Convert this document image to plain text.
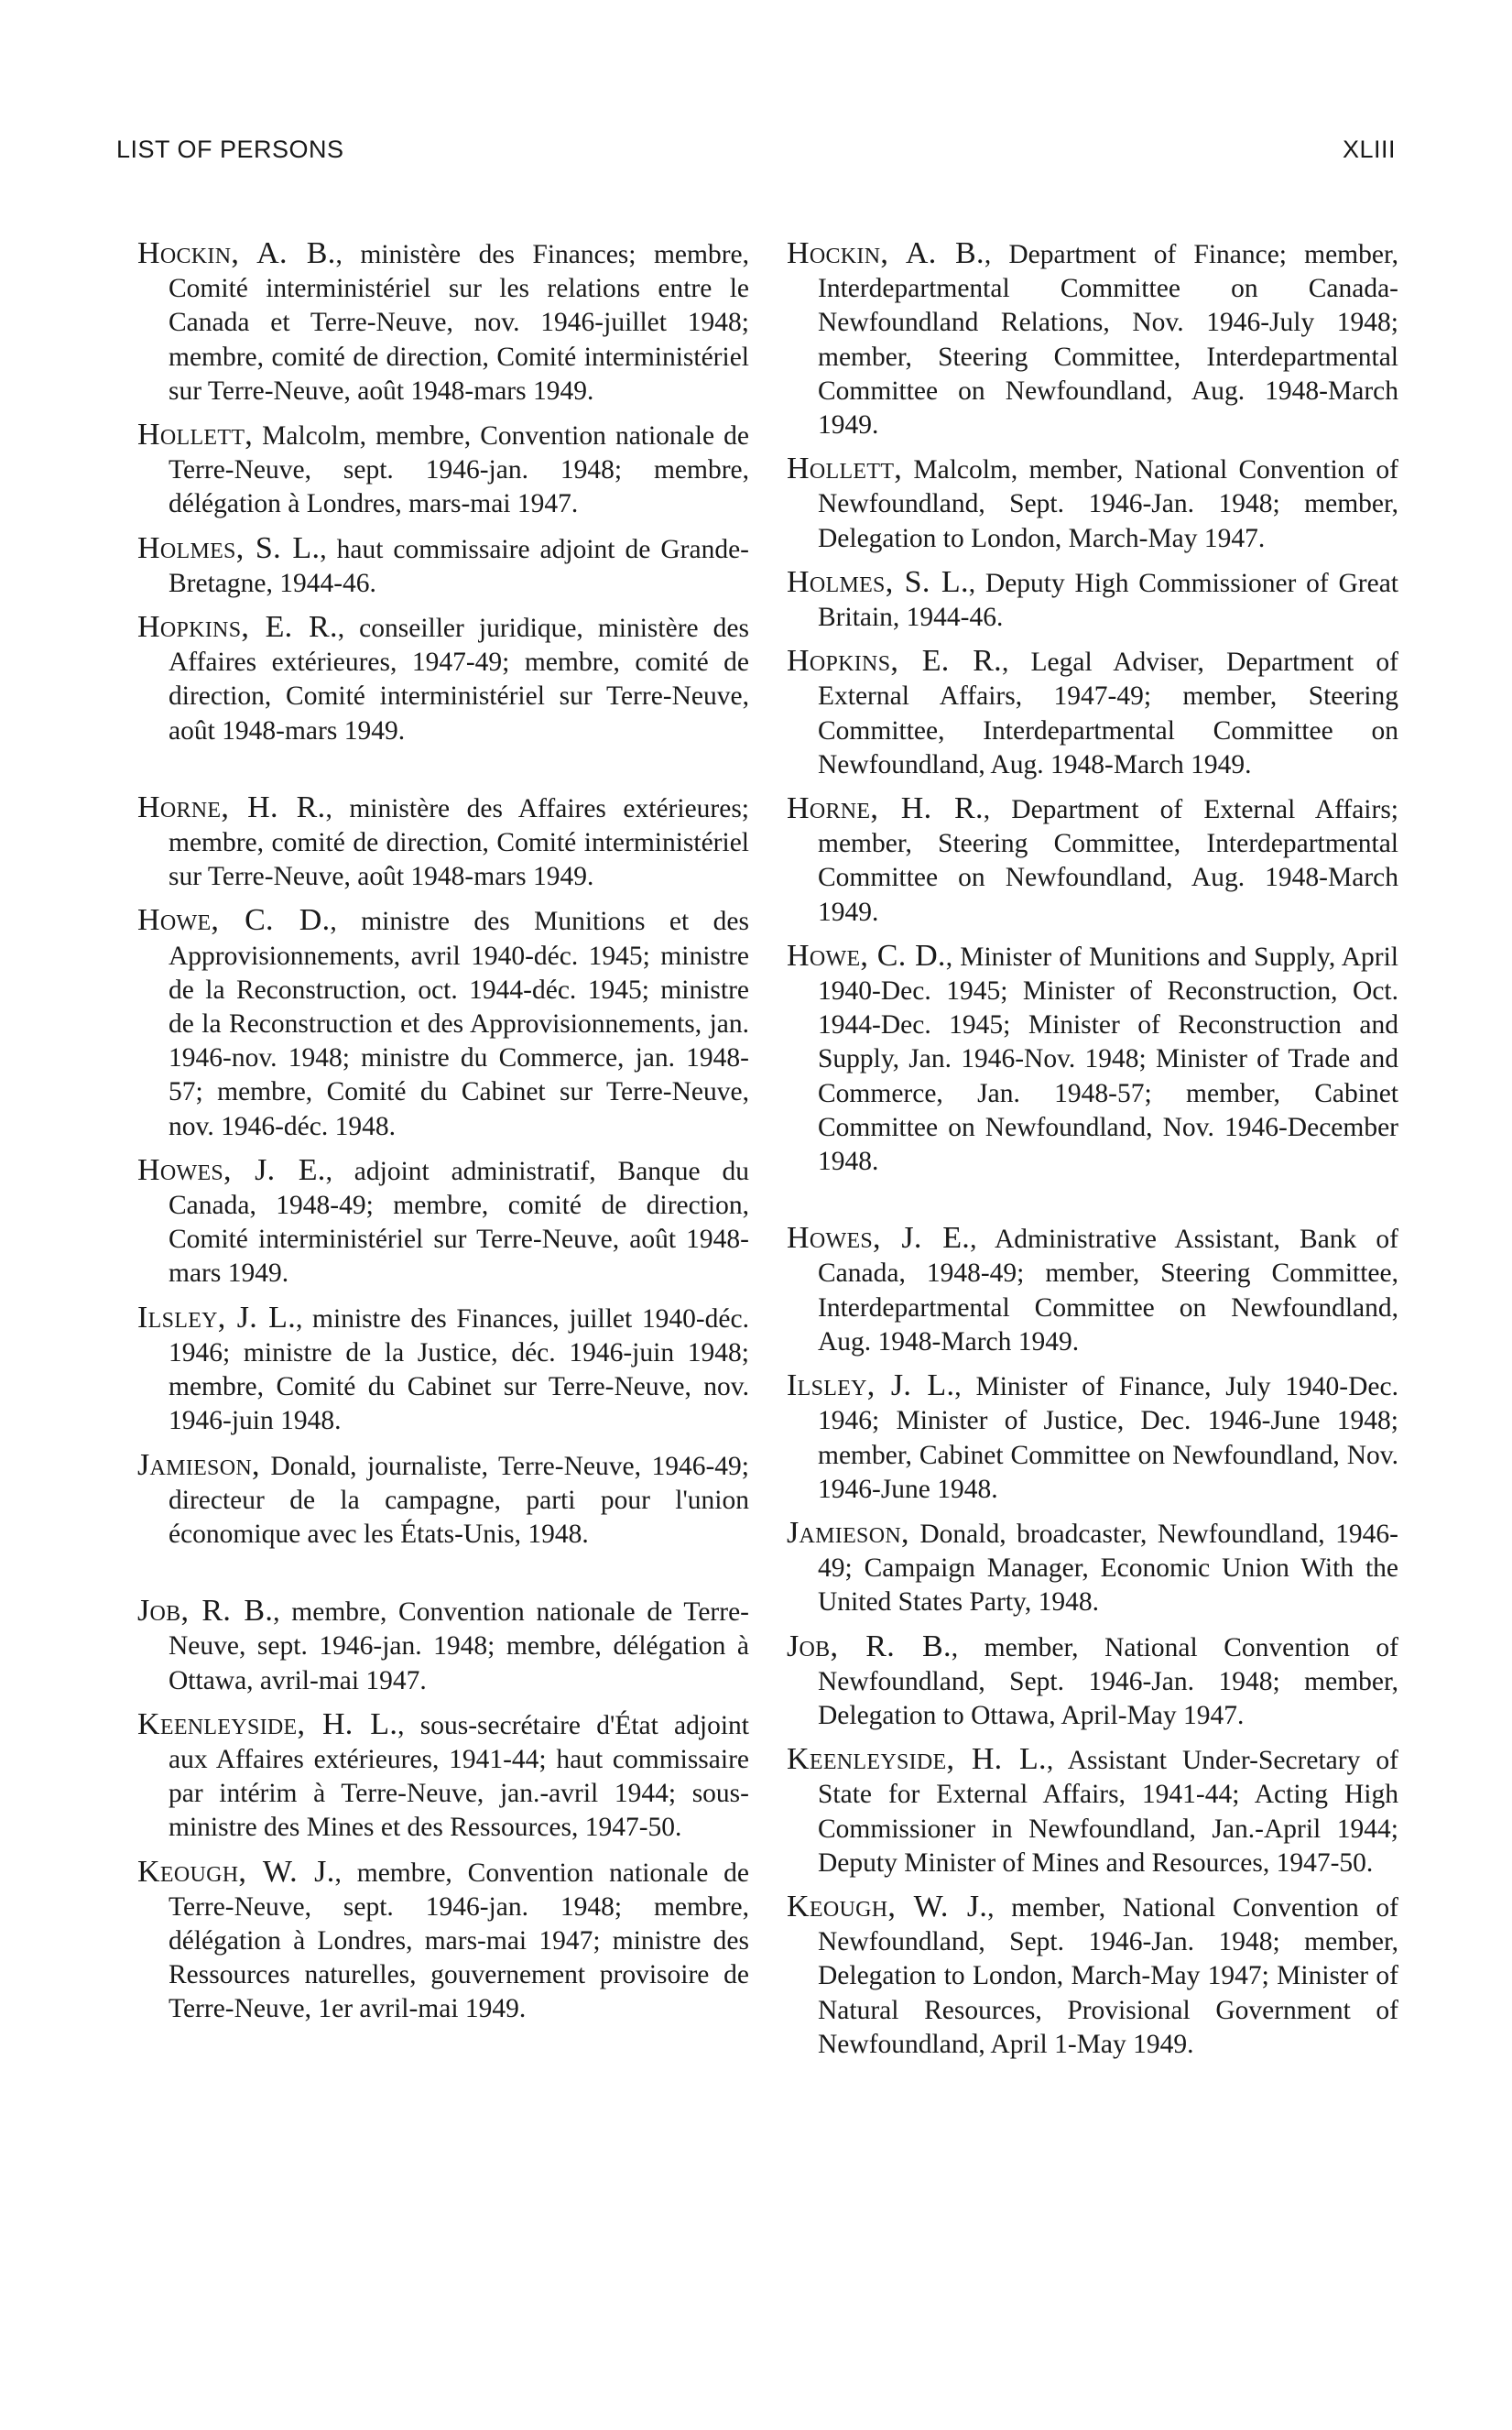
LIST OF PERSONS	XLIII

Hockin, A. B., ministère des Finances; membre, Comité interministériel sur les relations entre le Canada et Terre-Neuve, nov. 1946-juillet 1948; membre, comité de direction, Comité interministériel sur Terre-Neuve, août 1948-mars 1949.

Hollett, Malcolm, membre, Convention nationale de Terre-Neuve, sept. 1946-jan. 1948; membre, délégation à Londres, mars-mai 1947.

Holmes, S. L., haut commissaire adjoint de Grande-Bretagne, 1944-46.

Hopkins, E. R., conseiller juridique, ministère des Affaires extérieures, 1947-49; membre, comité de direction, Comité interministériel sur Terre-Neuve, août 1948-mars 1949.

Horne, H. R., ministère des Affaires extérieures; membre, comité de direction, Comité interministériel sur Terre-Neuve, août 1948-mars 1949.

Howe, C. D., ministre des Munitions et des Approvisionnements, avril 1940-déc. 1945; ministre de la Reconstruction, oct. 1944-déc. 1945; ministre de la Reconstruction et des Approvisionnements, jan. 1946-nov. 1948; ministre du Commerce, jan. 1948-57; membre, Comité du Cabinet sur Terre-Neuve, nov. 1946-déc. 1948.

Howes, J. E., adjoint administratif, Banque du Canada, 1948-49; membre, comité de direction, Comité interministériel sur Terre-Neuve, août 1948-mars 1949.

Ilsley, J. L., ministre des Finances, juillet 1940-déc. 1946; ministre de la Justice, déc. 1946-juin 1948; membre, Comité du Cabinet sur Terre-Neuve, nov. 1946-juin 1948.

Jamieson, Donald, journaliste, Terre-Neuve, 1946-49; directeur de la campagne, parti pour l'union économique avec les États-Unis, 1948.

Job, R. B., membre, Convention nationale de Terre-Neuve, sept. 1946-jan. 1948; membre, délégation à Ottawa, avril-mai 1947.

Keenleyside, H. L., sous-secrétaire d'État adjoint aux Affaires extérieures, 1941-44; haut commissaire par intérim à Terre-Neuve, jan.-avril 1944; sous-ministre des Mines et des Ressources, 1947-50.

Keough, W. J., membre, Convention nationale de Terre-Neuve, sept. 1946-jan. 1948; membre, délégation à Londres, mars-mai 1947; ministre des Ressources naturelles, gouvernement provisoire de Terre-Neuve, 1er avril-mai 1949.

Hockin, A. B., Department of Finance; member, Interdepartmental Committee on Canada-Newfoundland Relations, Nov. 1946-July 1948; member, Steering Committee, Interdepartmental Committee on Newfoundland, Aug. 1948-March 1949.

Hollett, Malcolm, member, National Convention of Newfoundland, Sept. 1946-Jan. 1948; member, Delegation to London, March-May 1947.

Holmes, S. L., Deputy High Commissioner of Great Britain, 1944-46.

Hopkins, E. R., Legal Adviser, Department of External Affairs, 1947-49; member, Steering Committee, Interdepartmental Committee on Newfoundland, Aug. 1948-March 1949.

Horne, H. R., Department of External Affairs; member, Steering Committee, Interdepartmental Committee on Newfoundland, Aug. 1948-March 1949.

Howe, C. D., Minister of Munitions and Supply, April 1940-Dec. 1945; Minister of Reconstruction, Oct. 1944-Dec. 1945; Minister of Reconstruction and Supply, Jan. 1946-Nov. 1948; Minister of Trade and Commerce, Jan. 1948-57; member, Cabinet Committee on Newfoundland, Nov. 1946-December 1948.

Howes, J. E., Administrative Assistant, Bank of Canada, 1948-49; member, Steering Committee, Interdepartmental Committee on Newfoundland, Aug. 1948-March 1949.

Ilsley, J. L., Minister of Finance, July 1940-Dec. 1946; Minister of Justice, Dec. 1946-June 1948; member, Cabinet Committee on Newfoundland, Nov. 1946-June 1948.

Jamieson, Donald, broadcaster, Newfoundland, 1946-49; Campaign Manager, Economic Union With the United States Party, 1948.

Job, R. B., member, National Convention of Newfoundland, Sept. 1946-Jan. 1948; member, Delegation to Ottawa, April-May 1947.

Keenleyside, H. L., Assistant Under-Secretary of State for External Affairs, 1941-44; Acting High Commissioner in Newfoundland, Jan.-April 1944; Deputy Minister of Mines and Resources, 1947-50.

Keough, W. J., member, National Convention of Newfoundland, Sept. 1946-Jan. 1948; member, Delegation to London, March-May 1947; Minister of Natural Resources, Provisional Government of Newfoundland, April 1-May 1949.
